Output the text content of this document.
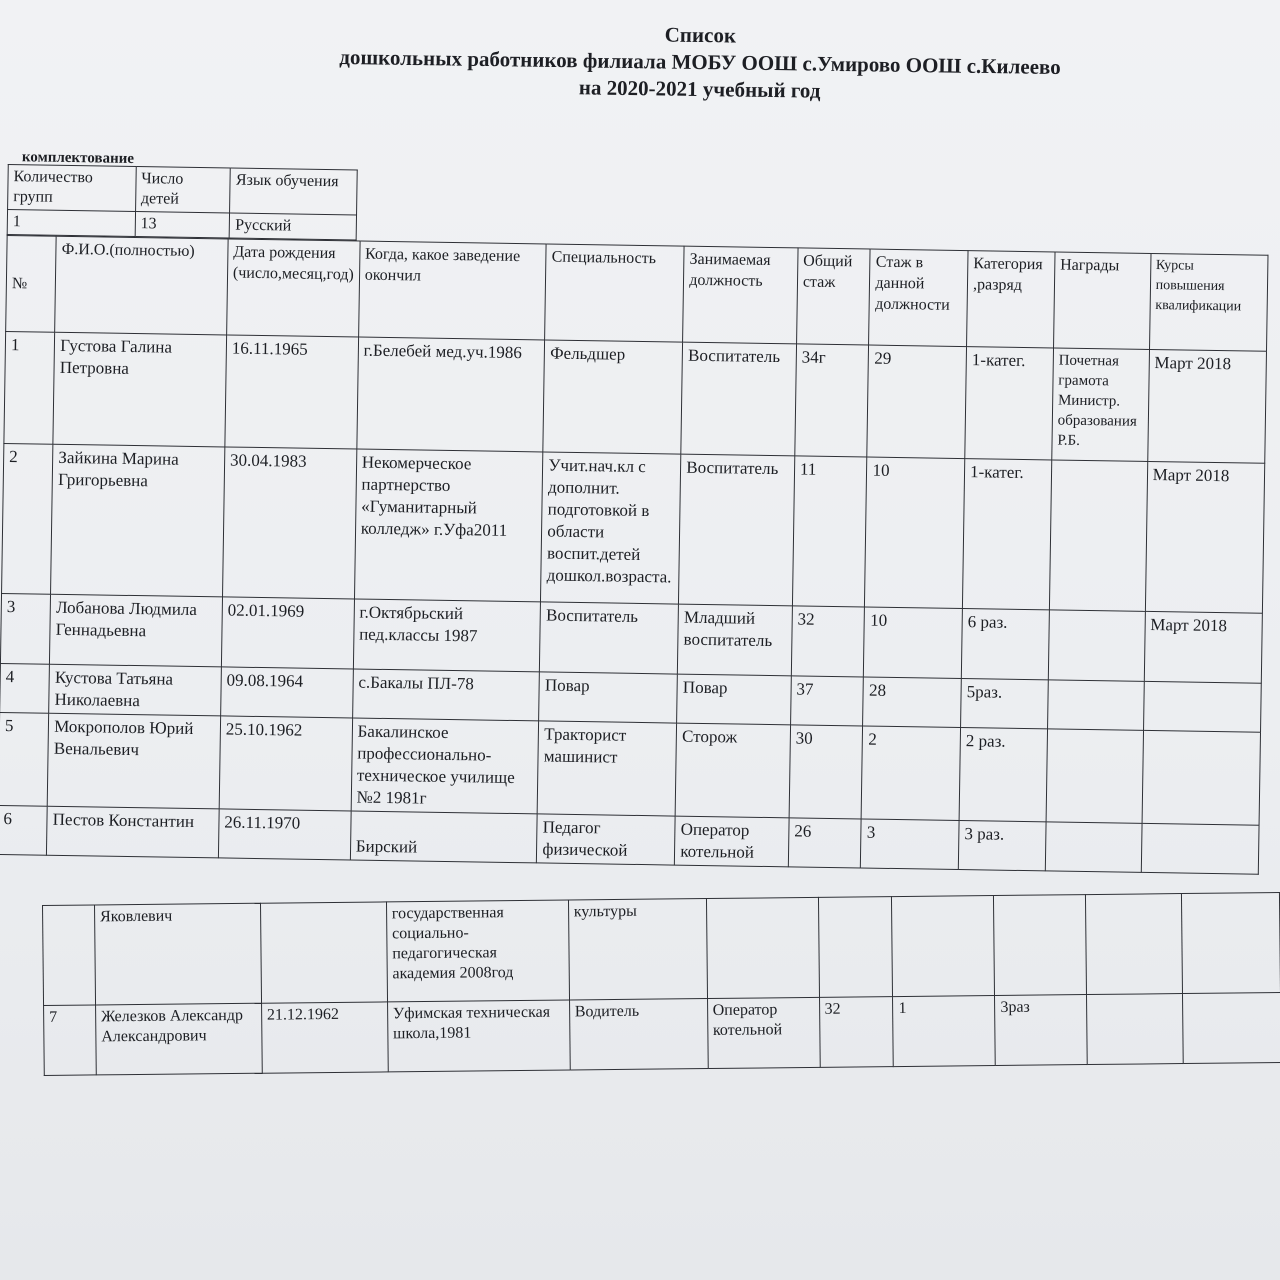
Список
дошкольных работников филиала МОБУ ООШ с.Умирово ООШ с.Килеево
на 2020-2021 учебный год
комплектование
Количество групп	Число детей	Язык обучения
1	13	Русский
№	Ф.И.О.(полностью)	Дата рождения (число,месяц,год)	Когда, какое заведение окончил	Специальность	Занимаемая должность	Общий стаж	Стаж в данной должности	Категория ,разряд	Награды	Курсы повышения квалификации
1	Густова Галина Петровна	16.11.1965	г.Белебей мед.уч.1986	Фельдшер	Воспитатель	34г	29	1-катег.	Почетная грамота Министр. образования Р.Б.	Март 2018
2	Зайкина Марина Григорьевна	30.04.1983	Некомерческое партнерство «Гуманитарный колледж» г.Уфа2011	Учит.нач.кл с дополнит. подготовкой в области воспит.детей дошкол.возраста.	Воспитатель	11	10	1-катег.		Март 2018
3	Лобанова Людмила Геннадьевна	02.01.1969	г.Октябрьский пед.классы 1987	Воспитатель	Младший воспитатель	32	10	6 раз.		Март 2018
4	Кустова Татьяна Николаевна	09.08.1964	с.Бакалы ПЛ-78	Повар	Повар	37	28	5раз.		
5	Мокрополов Юрий Венальевич	25.10.1962	Бакалинское профессионально-техническое училище №2 1981г	Тракторист машинист	Сторож	30	2	2 раз.		
6	Пестов Константин	26.11.1970	Бирский	Педагог физической	Оператор котельной	26	3	3 раз.		
	Яковлевич		государственная социально-педагогическая академия 2008год	культуры						
7	Железков Александр Александрович	21.12.1962	Уфимская техническая школа,1981	Водитель	Оператор котельной	32	1	3раз		
